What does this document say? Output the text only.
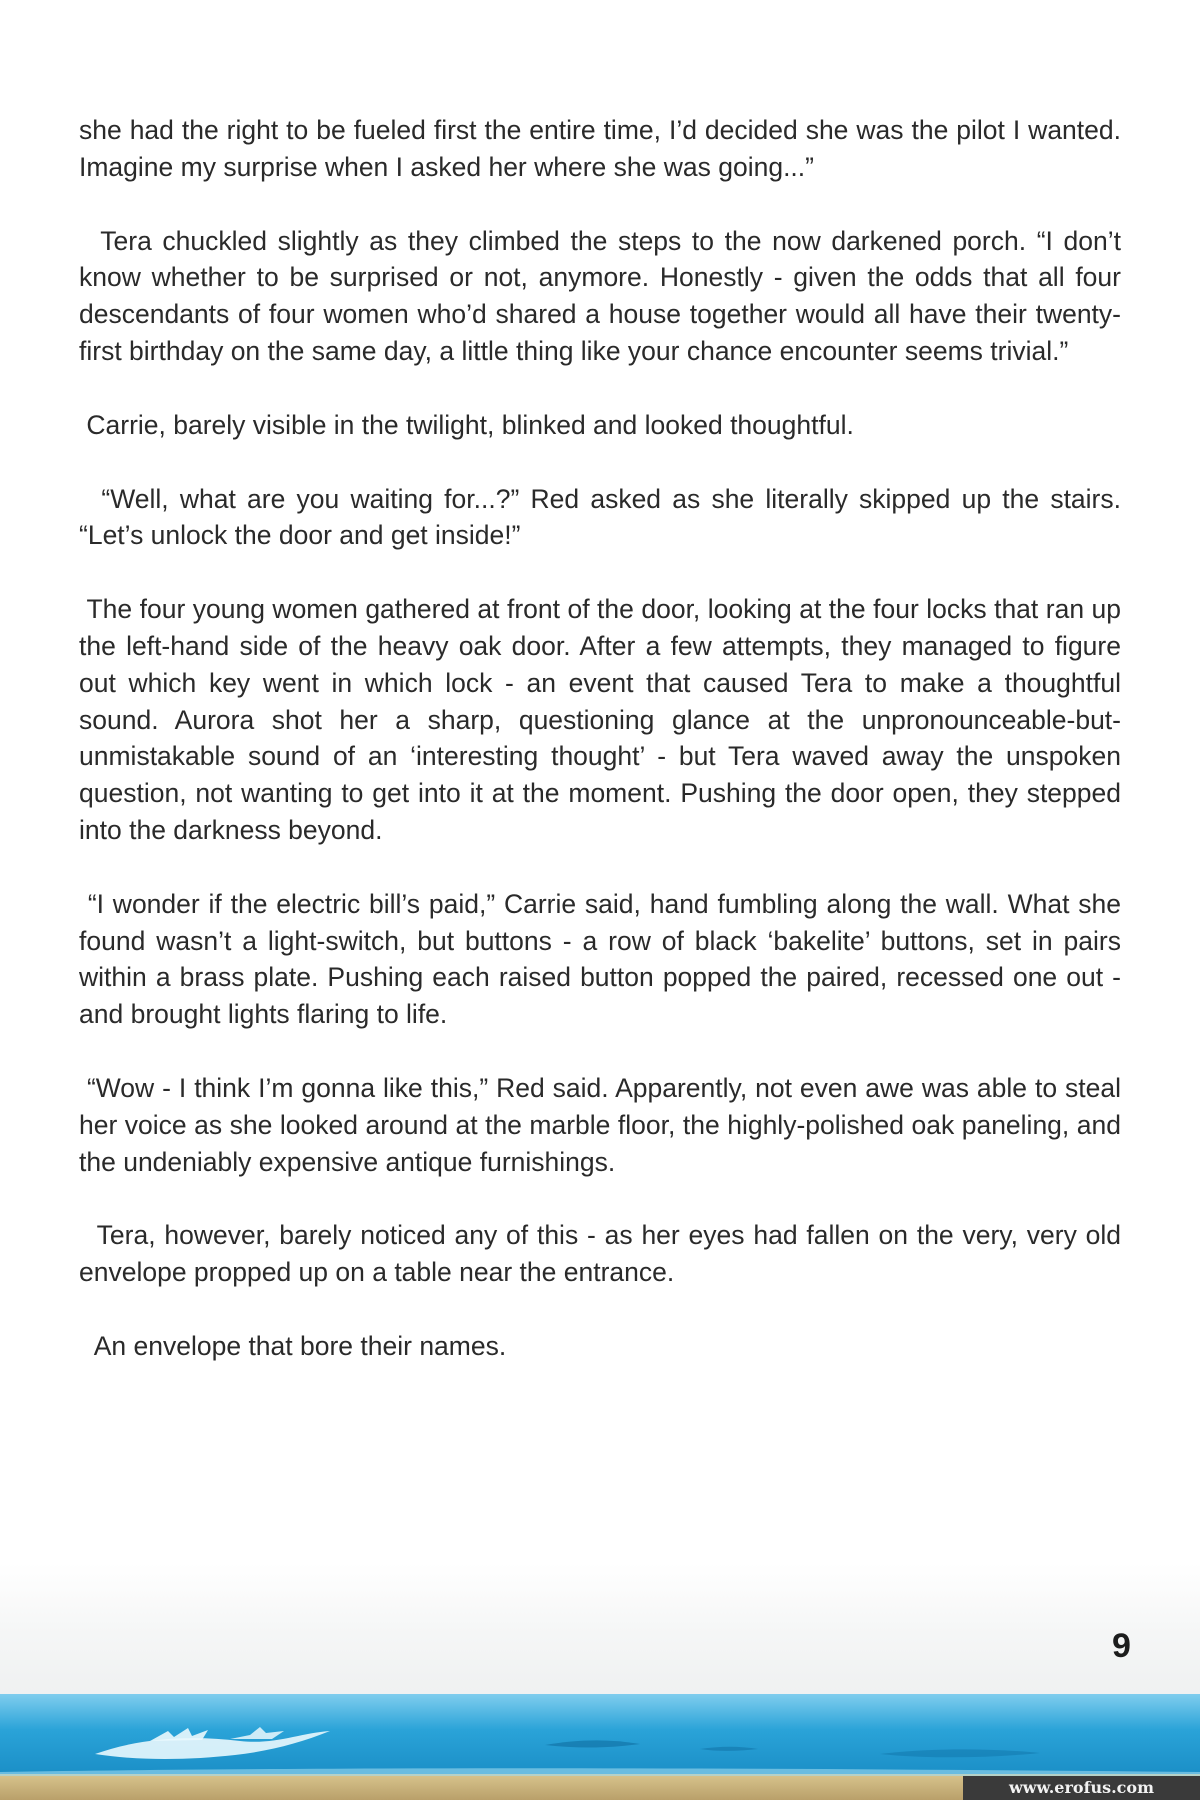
she had the right to be fueled first the entire time, I’d decided she was the pilot I wanted. Imagine my surprise when I asked her where she was going...”

Tera chuckled slightly as they climbed the steps to the now darkened porch. “I don’t know whether to be surprised or not, anymore. Honestly - given the odds that all four descendants of four women who’d shared a house together would all have their twenty-first birthday on the same day, a little thing like your chance encounter seems trivial.”

Carrie, barely visible in the twilight, blinked and looked thoughtful.

“Well, what are you waiting for...?” Red asked as she literally skipped up the stairs. “Let’s unlock the door and get inside!”

The four young women gathered at front of the door, looking at the four locks that ran up the left-hand side of the heavy oak door. After a few attempts, they managed to figure out which key went in which lock - an event that caused Tera to make a thoughtful sound. Aurora shot her a sharp, questioning glance at the unpronounceable-but-unmistakable sound of an ‘interesting thought’ - but Tera waved away the unspoken question, not wanting to get into it at the moment. Pushing the door open, they stepped into the darkness beyond.

“I wonder if the electric bill’s paid,” Carrie said, hand fumbling along the wall. What she found wasn’t a light-switch, but buttons - a row of black ‘bakelite’ buttons, set in pairs within a brass plate. Pushing each raised button popped the paired, recessed one out - and brought lights flaring to life.

“Wow - I think I’m gonna like this,” Red said. Apparently, not even awe was able to steal her voice as she looked around at the marble floor, the highly-polished oak paneling, and the undeniably expensive antique furnishings.

Tera, however, barely noticed any of this - as her eyes had fallen on the very, very old envelope propped up on a table near the entrance.

An envelope that bore their names.

9
www.erofus.com
